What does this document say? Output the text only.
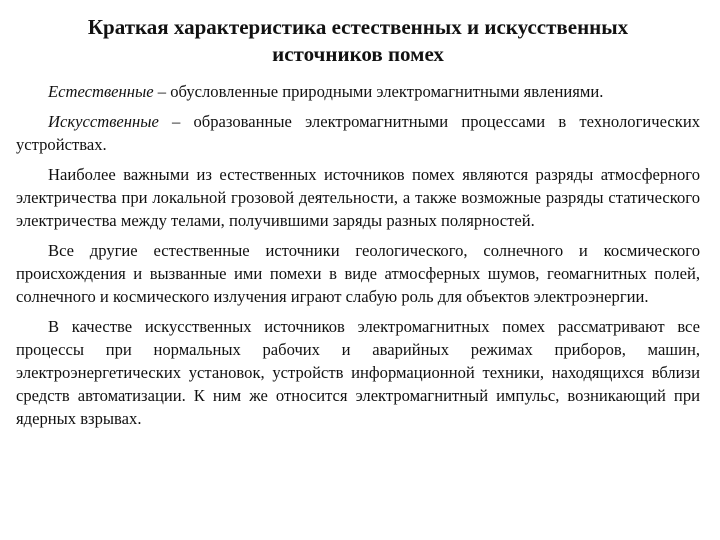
Краткая характеристика естественных и искусственных источников помех

Естественные – обусловленные природными электромагнитными явлениями.

Искусственные – образованные электромагнитными процессами в технологических устройствах.

Наиболее важными из естественных источников помех являются разряды атмосферного электричества при локальной грозовой деятельности, а также возможные разряды статического электричества между телами, получившими заряды разных полярностей.

Все другие естественные источники геологического, солнечного и космического происхождения и вызванные ими помехи в виде атмосферных шумов, геомагнитных полей, солнечного и космического излучения играют слабую роль для объектов электроэнергии.

В качестве искусственных источников электромагнитных помех рассматривают все процессы при нормальных рабочих и аварийных режимах приборов, машин, электроэнергетических установок, устройств информационной техники, находящихся вблизи средств автоматизации. К ним же относится электромагнитный импульс, возникающий при ядерных взрывах.
